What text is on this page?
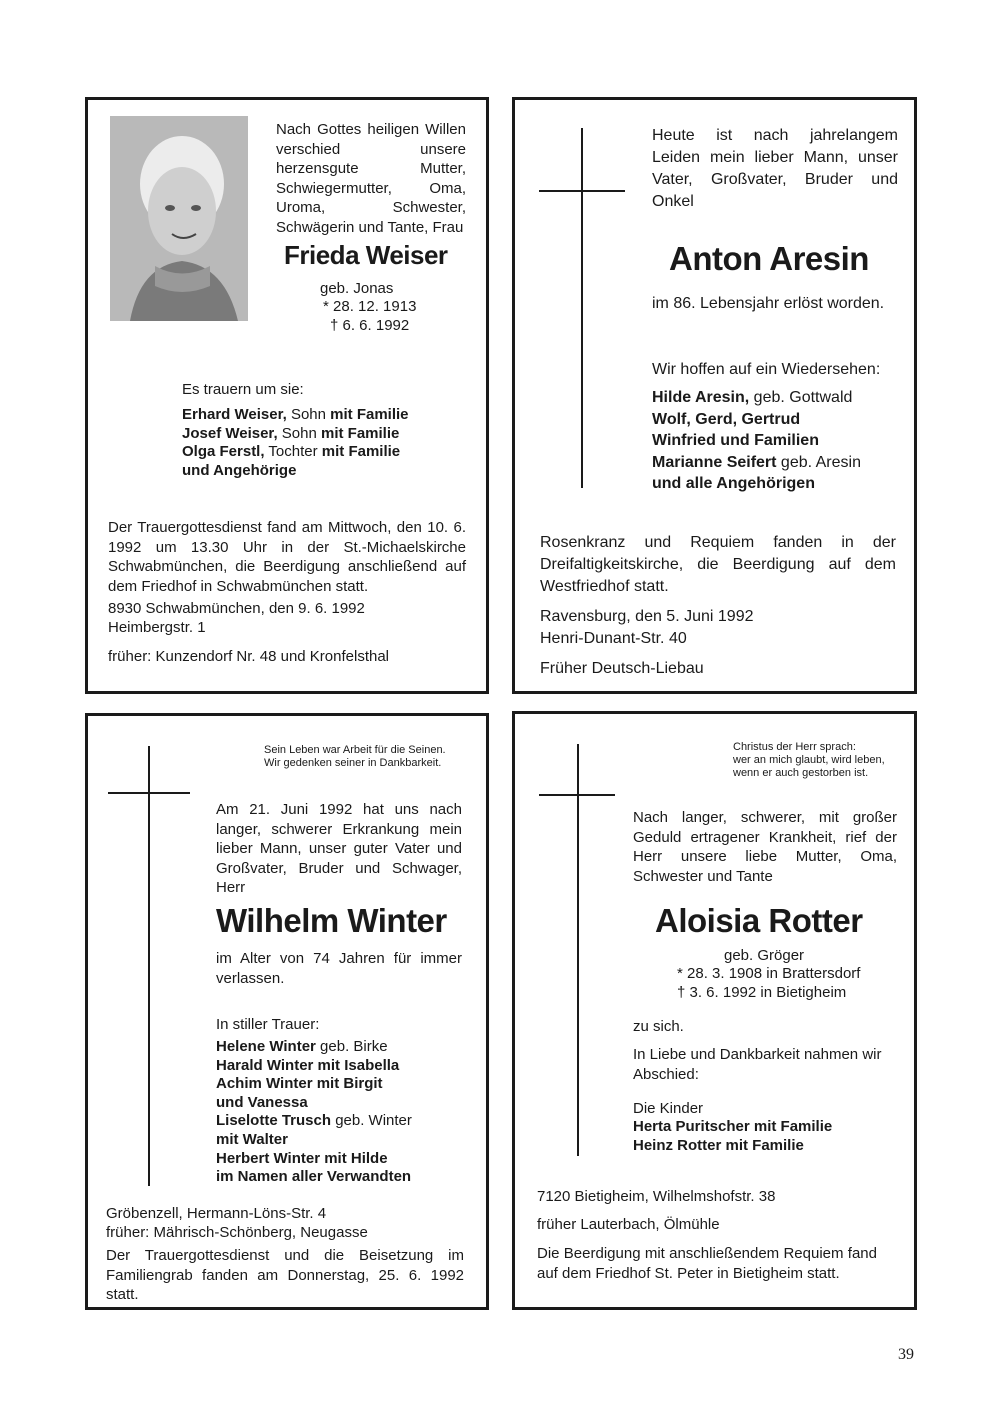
Nach Gottes heiligen Willen verschied unsere herzensgute Mutter, Schwiegermutter, Oma, Uroma, Schwester, Schwägerin und Tante, Frau
Frieda Weiser
geb. Jonas
* 28. 12. 1913
† 6. 6. 1992
Es trauern um sie:
Erhard Weiser, Sohn mit Familie
Josef Weiser, Sohn mit Familie
Olga Ferstl, Tochter mit Familie
und Angehörige
Der Trauergottesdienst fand am Mittwoch, den 10. 6. 1992 um 13.30 Uhr in der St.-Michaelskirche Schwabmünchen, die Beerdigung anschließend auf dem Friedhof in Schwabmünchen statt.
8930 Schwabmünchen, den 9. 6. 1992
Heimbergstr. 1
früher: Kunzendorf Nr. 48 und Kronfelsthal
Heute ist nach jahrelangem Leiden mein lieber Mann, unser Vater, Großvater, Bruder und Onkel
Anton Aresin
im 86. Lebensjahr erlöst worden.
Wir hoffen auf ein Wiedersehen:
Hilde Aresin, geb. Gottwald
Wolf, Gerd, Gertrud
Winfried und Familien
Marianne Seifert geb. Aresin
und alle Angehörigen
Rosenkranz und Requiem fanden in der Dreifaltigkeitskirche, die Beerdigung auf dem Westfriedhof statt.
Ravensburg, den 5. Juni 1992
Henri-Dunant-Str. 40
Früher Deutsch-Liebau
Sein Leben war Arbeit für die Seinen.
Wir gedenken seiner in Dankbarkeit.
Am 21. Juni 1992 hat uns nach langer, schwerer Erkrankung mein lieber Mann, unser guter Vater und Großvater, Bruder und Schwager, Herr
Wilhelm Winter
im Alter von 74 Jahren für immer verlassen.
In stiller Trauer:
Helene Winter geb. Birke
Harald Winter mit Isabella
Achim Winter mit Birgit
und Vanessa
Liselotte Trusch geb. Winter
mit Walter
Herbert Winter mit Hilde
im Namen aller Verwandten
Gröbenzell, Hermann-Löns-Str. 4
früher: Mährisch-Schönberg, Neugasse
Der Trauergottesdienst und die Beisetzung im Familiengrab fanden am Donnerstag, 25. 6. 1992 statt.
Christus der Herr sprach:
wer an mich glaubt, wird leben,
wenn er auch gestorben ist.
Nach langer, schwerer, mit großer Geduld ertragener Krankheit, rief der Herr unsere liebe Mutter, Oma, Schwester und Tante
Aloisia Rotter
geb. Gröger
* 28. 3. 1908 in Brattersdorf
† 3. 6. 1992 in Bietigheim
zu sich.
In Liebe und Dankbarkeit nahmen wir Abschied:
Die Kinder
Herta Puritscher mit Familie
Heinz Rotter mit Familie
7120 Bietigheim, Wilhelmshofstr. 38
früher Lauterbach, Ölmühle
Die Beerdigung mit anschließendem Requiem fand auf dem Friedhof St. Peter in Bietigheim statt.
39
